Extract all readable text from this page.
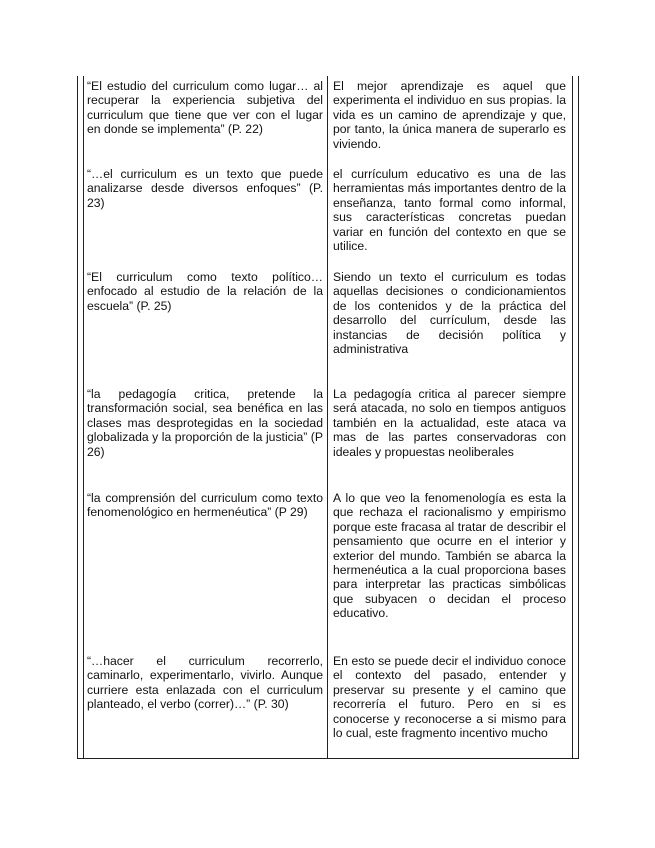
“El estudio del curriculum como lugar… al recuperar la experiencia subjetiva del curriculum que tiene que ver con el lugar en donde se implementa” (P. 22)
El mejor aprendizaje es aquel que experimenta el individuo en sus propias. la vida es un camino de aprendizaje y que, por tanto, la única manera de superarlo es viviendo.
“…el curriculum es un texto que puede analizarse desde diversos enfoques” (P. 23)
el currículum educativo es una de las herramientas más importantes dentro de la enseñanza, tanto formal como informal, sus características concretas puedan variar en función del contexto en que se utilice.
“El curriculum como texto político… enfocado al estudio de la relación de la escuela” (P. 25)
Siendo un texto el curriculum es todas aquellas decisiones o condicionamientos de los contenidos y de la práctica del desarrollo del currículum, desde las instancias de decisión política y administrativa
“la pedagogía critica, pretende la transformación social, sea benéfica en las clases mas desprotegidas en la sociedad globalizada y la proporción de la justicia” (P 26)
La pedagogía critica al parecer siempre será atacada, no solo en tiempos antiguos también en la actualidad, este ataca va mas de las partes conservadoras con ideales y propuestas neoliberales
“la comprensión del curriculum como texto fenomenológico en hermenéutica” (P 29)
A lo que veo la fenomenología es esta la que rechaza el racionalismo y empirismo porque este fracasa al tratar de describir el pensamiento que ocurre en el interior y exterior del mundo. También se abarca la hermenéutica a la cual proporciona bases para interpretar las practicas simbólicas que subyacen o decidan el proceso educativo.
“…hacer el curriculum recorrerlo, caminarlo, experimentarlo, vivirlo. Aunque curriere esta enlazada con el curriculum planteado, el verbo (correr)…” (P. 30)
En esto se puede decir el individuo conoce el contexto del pasado, entender y preservar su presente y el camino que recorrería el futuro. Pero en si es conocerse y reconocerse a si mismo para lo cual, este fragmento incentivo mucho
